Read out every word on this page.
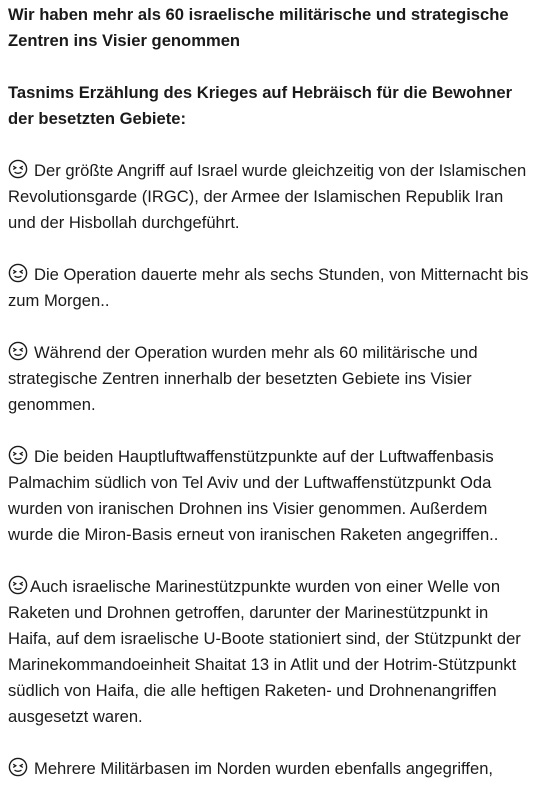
Wir haben mehr als 60 israelische militärische und strategische Zentren ins Visier genommen

Tasnims Erzählung des Krieges auf Hebräisch für die Bewohner der besetzten Gebiete:

Der größte Angriff auf Israel wurde gleichzeitig von der Islamischen Revolutionsgarde (IRGC), der Armee der Islamischen Republik Iran und der Hisbollah durchgeführt.

Die Operation dauerte mehr als sechs Stunden, von Mitternacht bis zum Morgen..

Während der Operation wurden mehr als 60 militärische und strategische Zentren innerhalb der besetzten Gebiete ins Visier genommen.

Die beiden Hauptluftwaffenstützpunkte auf der Luftwaffenbasis Palmachim südlich von Tel Aviv und der Luftwaffenstützpunkt Oda wurden von iranischen Drohnen ins Visier genommen. Außerdem wurde die Miron-Basis erneut von iranischen Raketen angegriffen..

Auch israelische Marinestützpunkte wurden von einer Welle von Raketen und Drohnen getroffen, darunter der Marinestützpunkt in Haifa, auf dem israelische U-Boote stationiert sind, der Stützpunkt der Marinekommandoeinheit Shaitat 13 in Atlit und der Hotrim-Stützpunkt südlich von Haifa, die alle heftigen Raketen- und Drohnenangriffen ausgesetzt waren.

Mehrere Militärbasen im Norden wurden ebenfalls angegriffen,
